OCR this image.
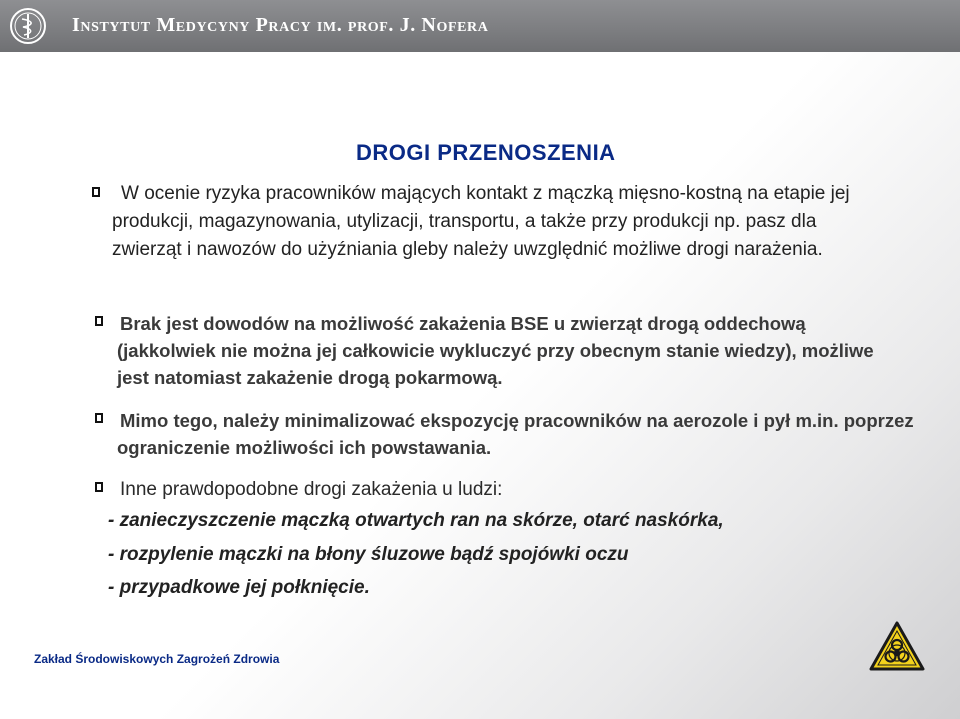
Instytut Medycyny Pracy im. prof. J. Nofera
DROGI PRZENOSZENIA

W ocenie ryzyka pracowników mających kontakt z mączką mięsno-kostną na etapie jej produkcji, magazynowania, utylizacji, transportu, a także przy produkcji np. pasz dla zwierząt i nawozów do użyźniania gleby należy uwzględnić możliwe drogi narażenia.

Brak jest dowodów na możliwość zakażenia BSE u zwierząt drogą oddechową (jakkolwiek nie można jej całkowicie wykluczyć przy obecnym stanie wiedzy), możliwe jest natomiast zakażenie drogą pokarmową.

Mimo tego, należy minimalizować ekspozycję pracowników na aerozole i pył m.in. poprzez ograniczenie możliwości ich powstawania.

Inne prawdopodobne drogi zakażenia u ludzi:

- zanieczyszczenie mączką otwartych ran na skórze, otarć naskórka,
- rozpylenie mączki na błony śluzowe bądź spojówki oczu
- przypadkowe jej połknięcie.
Zakład Środowiskowych Zagrożeń Zdrowia
